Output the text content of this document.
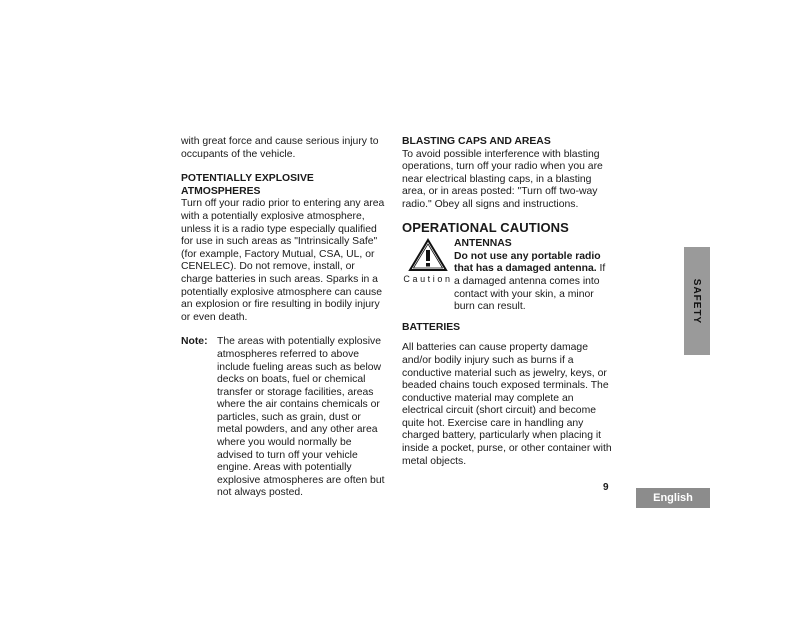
with great force and cause serious injury to occupants of the vehicle.

POTENTIALLY EXPLOSIVE ATMOSPHERES

Turn off your radio prior to entering any area with a potentially explosive atmosphere, unless it is a radio type especially qualified for use in such areas as "Intrinsically Safe" (for example, Factory Mutual, CSA, UL, or CENELEC). Do not remove, install, or charge batteries in such areas. Sparks in a potentially explosive atmosphere can cause an explosion or fire resulting in bodily injury or even death.

Note: The areas with potentially explosive atmospheres referred to above include fueling areas such as below decks on boats, fuel or chemical transfer or storage facilities, areas where the air contains chemicals or particles, such as grain, dust or metal powders, and any other area where you would normally be advised to turn off your vehicle engine. Areas with potentially explosive atmospheres are often but not always posted.

BLASTING CAPS AND AREAS

To avoid possible interference with blasting operations, turn off your radio when you are near electrical blasting caps, in a blasting area, or in areas posted: "Turn off two-way radio." Obey all signs and instructions.

OPERATIONAL CAUTIONS

Caution

ANTENNAS

Do not use any portable radio that has a damaged antenna. If a damaged antenna comes into contact with your skin, a minor burn can result.

BATTERIES

All batteries can cause property damage and/or bodily injury such as burns if a conductive material such as jewelry, keys, or beaded chains touch exposed terminals. The conductive material may complete an electrical circuit (short circuit) and become quite hot. Exercise care in handling any charged battery, particularly when placing it inside a pocket, purse, or other container with metal objects.

SAFETY
9
English
